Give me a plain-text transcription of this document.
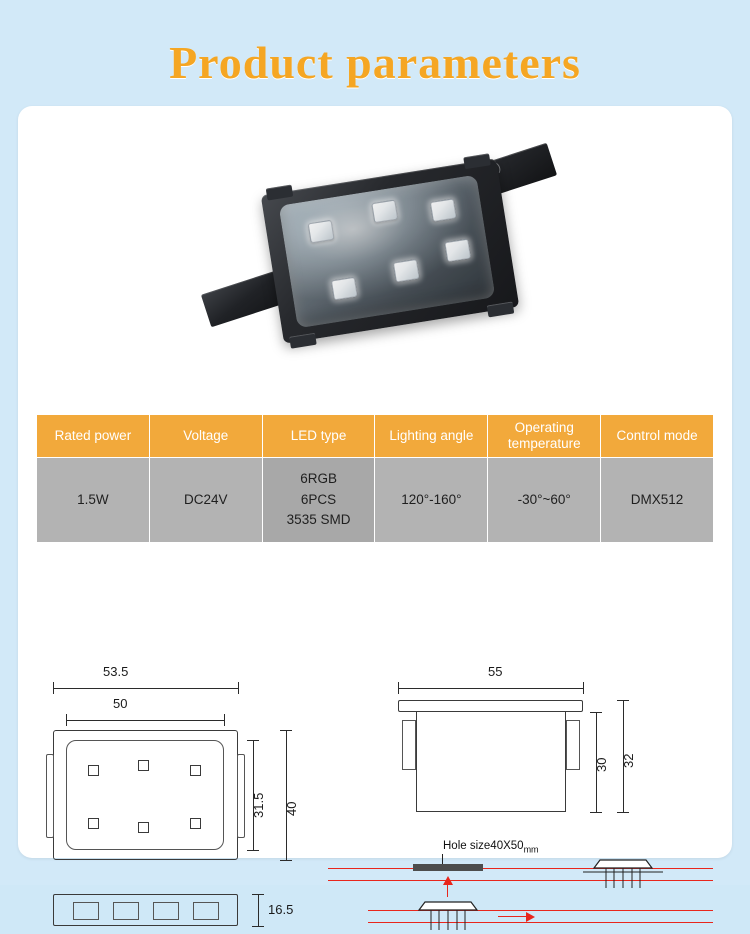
Product parameters
Rated power	Voltage	LED type	Lighting angle	Operating temperature	Control mode
1.5W	DC24V	6RGB
6PCS
3535 SMD	120°-160°	-30°~60°	DMX512
53.5
50
31.5 40
16.5
55
30 32
Hole $size40X50_{mm}$
